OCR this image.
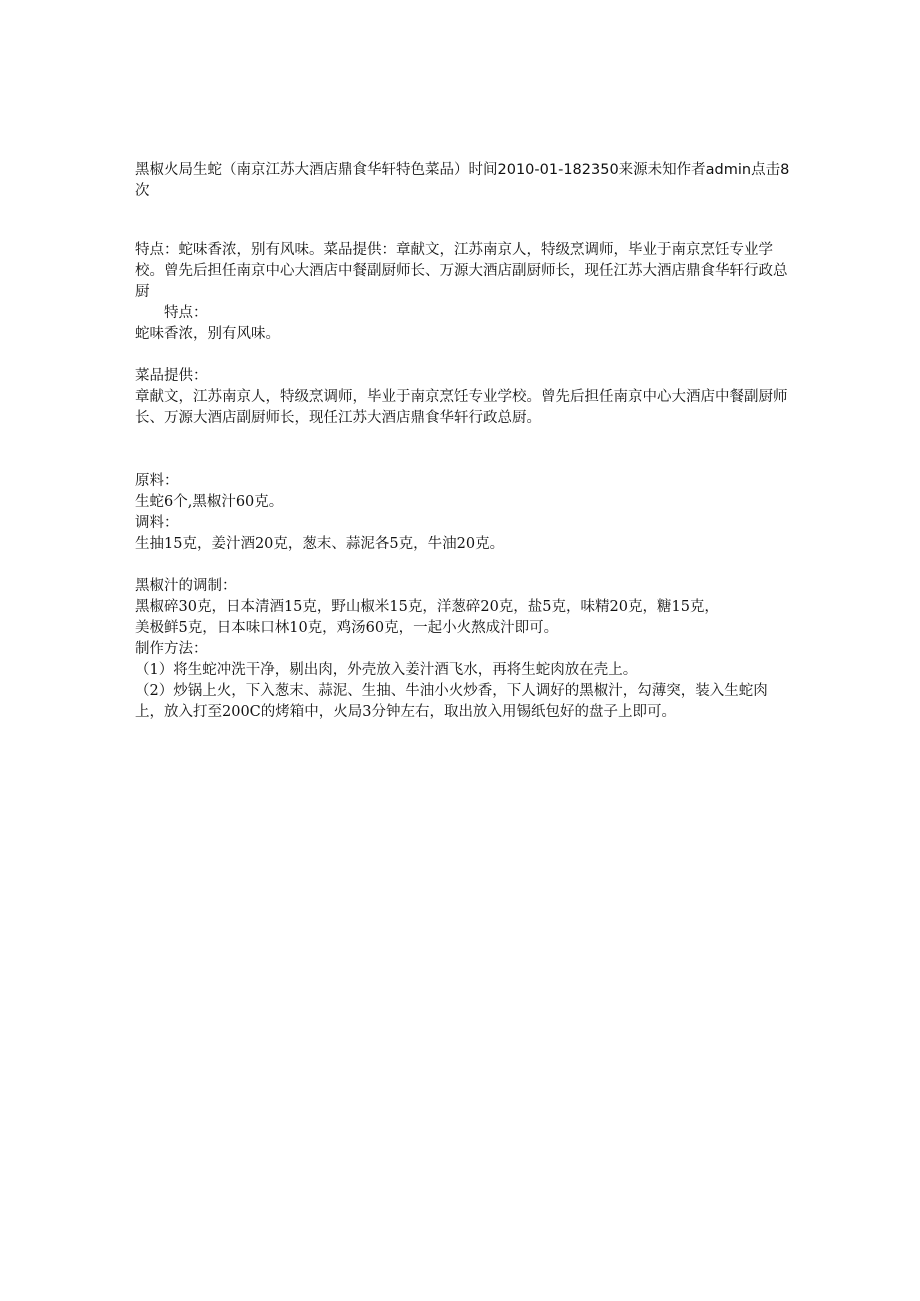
黑椒火局生蛇（南京江苏大酒店鼎食华轩特色菜品）时间2010-01-182350来源未知作者admin点击8次
特点：蛇味香浓，别有风味。菜品提供：章献文，江苏南京人，特级烹调师，毕业于南京烹饪专业学校。曾先后担任南京中心大酒店中餐副厨师长、万源大酒店副厨师长，现任江苏大酒店鼎食华轩行政总厨
特点：
蛇味香浓，别有风味。
菜品提供：
章献文，江苏南京人，特级烹调师，毕业于南京烹饪专业学校。曾先后担任南京中心大酒店中餐副厨师长、万源大酒店副厨师长，现任江苏大酒店鼎食华轩行政总厨。
原料：
生蛇6个,黑椒汁60克。
调料：
生抽15克，姜汁酒20克，葱末、蒜泥各5克，牛油20克。
黑椒汁的调制：
黑椒碎30克，日本清酒15克，野山椒米15克，洋葱碎20克，盐5克，味精20克，糖15克，
美极鲜5克，日本味口林10克，鸡汤60克，一起小火熬成汁即可。
制作方法：
（1）将生蛇冲洗干净，剔出肉，外壳放入姜汁酒飞水，再将生蛇肉放在壳上。
（2）炒锅上火，下入葱末、蒜泥、生抽、牛油小火炒香，下人调好的黑椒汁，勾薄突，装入生蛇肉上，放入打至200C的烤箱中，火局3分钟左右，取出放入用锡纸包好的盘子上即可。
